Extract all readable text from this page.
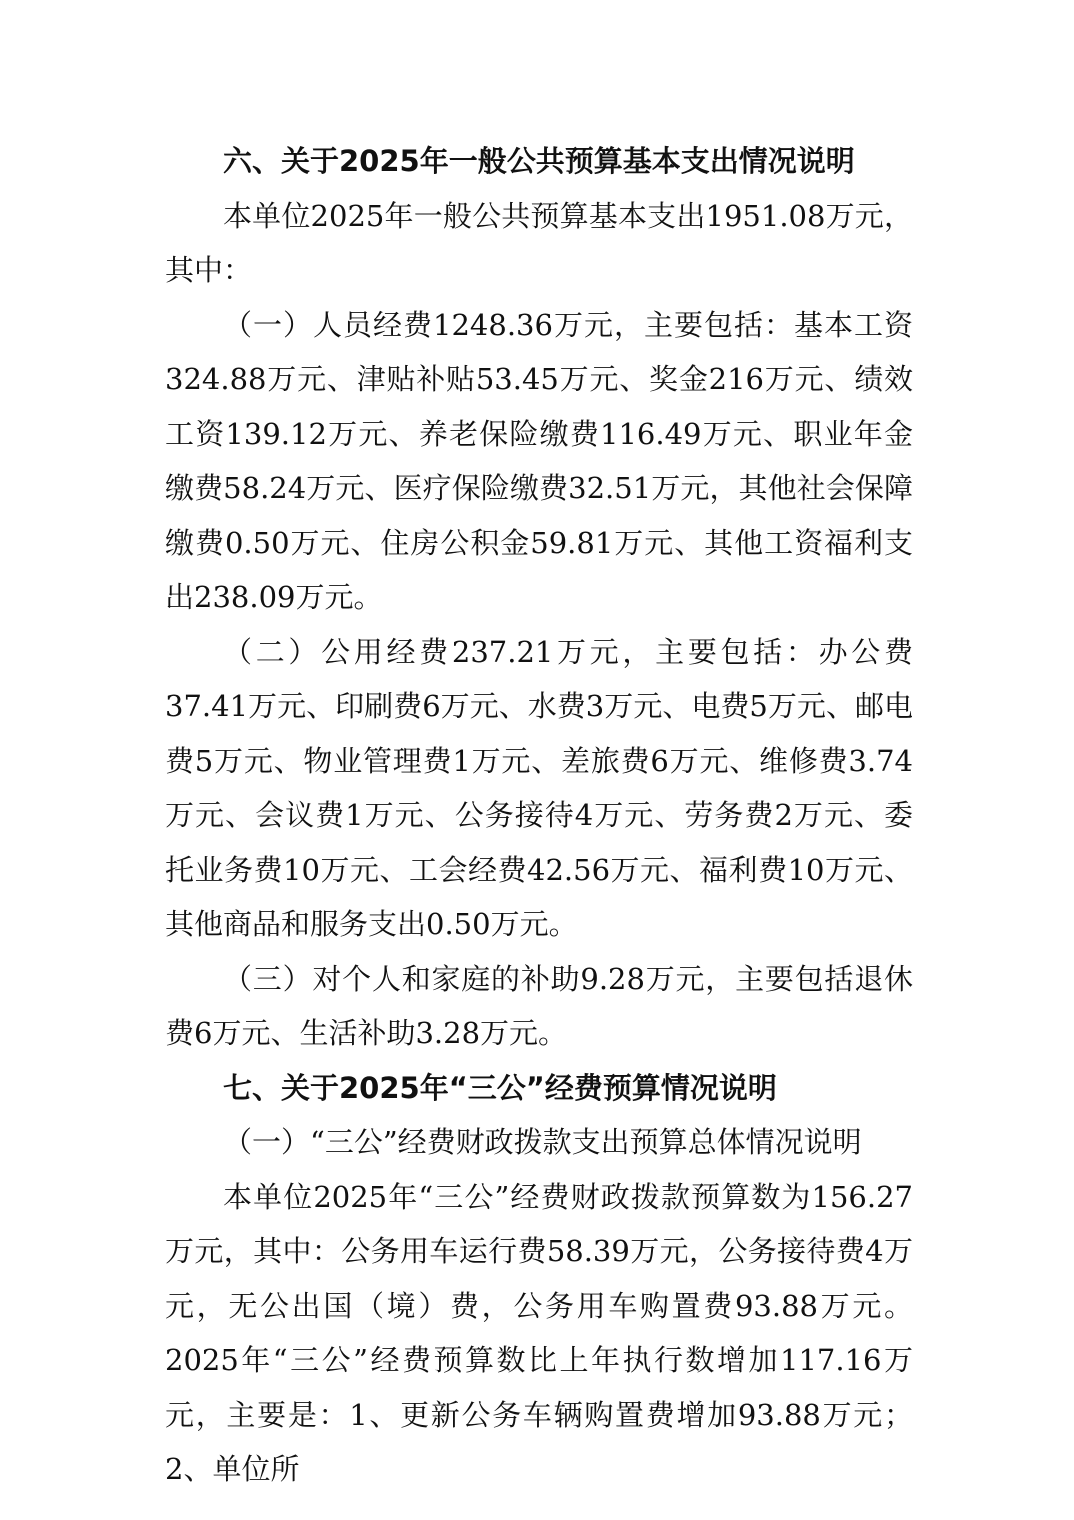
六、关于2025年一般公共预算基本支出情况说明

本单位2025年一般公共预算基本支出1951.08万元，其中：

（一）人员经费1248.36万元，主要包括：基本工资324.88万元、津贴补贴53.45万元、奖金216万元、绩效工资139.12万元、养老保险缴费116.49万元、职业年金缴费58.24万元、医疗保险缴费32.51万元，其他社会保障缴费0.50万元、住房公积金59.81万元、其他工资福利支出238.09万元。

（二）公用经费237.21万元，主要包括：办公费37.41万元、印刷费6万元、水费3万元、电费5万元、邮电费5万元、物业管理费1万元、差旅费6万元、维修费3.74万元、会议费1万元、公务接待4万元、劳务费2万元、委托业务费10万元、工会经费42.56万元、福利费10万元、其他商品和服务支出0.50万元。

（三）对个人和家庭的补助9.28万元，主要包括退休费6万元、生活补助3.28万元。

七、关于2025年“三公”经费预算情况说明

（一）“三公”经费财政拨款支出预算总体情况说明

本单位2025年“三公”经费财政拨款预算数为156.27万元，其中：公务用车运行费58.39万元，公务接待费4万元，无公出国（境）费，公务用车购置费93.88万元。2025年“三公”经费预算数比上年执行数增加117.16万元，主要是：1、更新公务车辆购置费增加93.88万元；2、单位所
